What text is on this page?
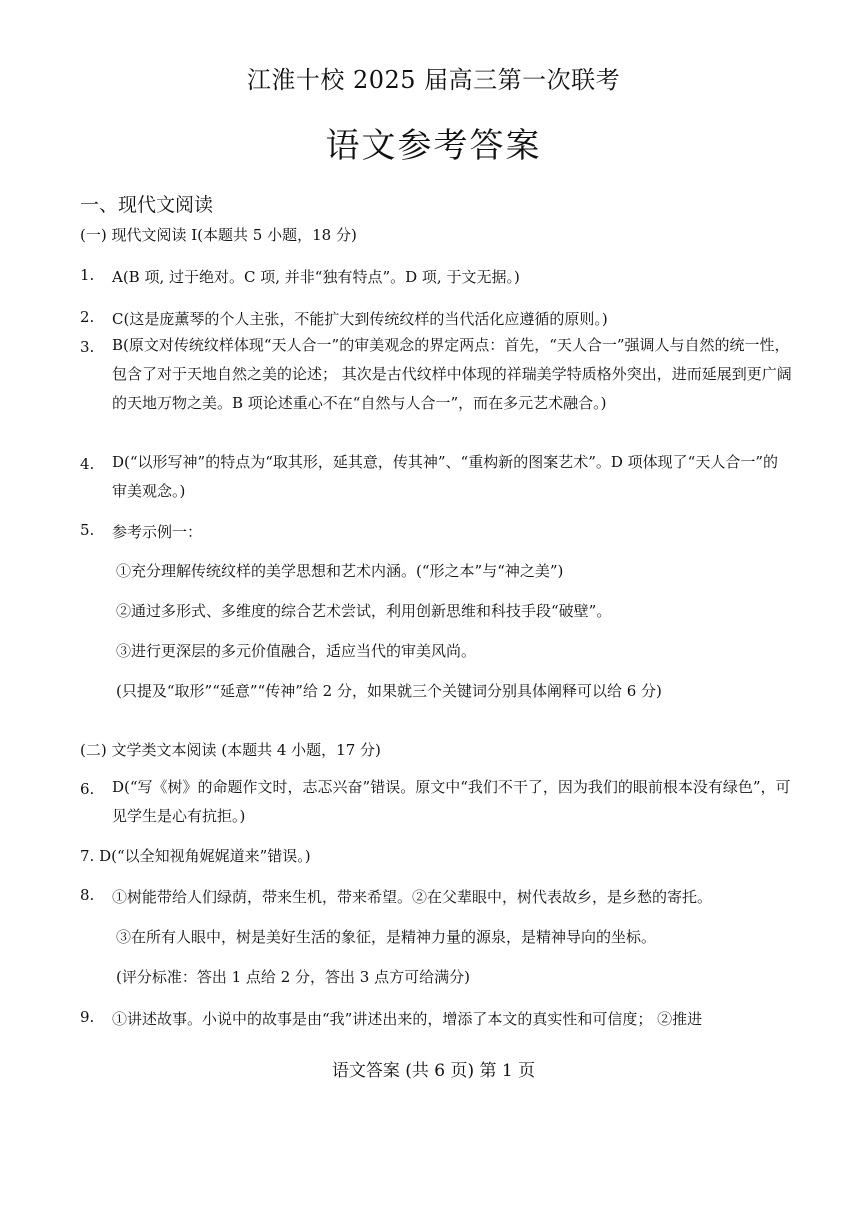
江淮十校 2025 届高三第一次联考
语文参考答案
一、现代文阅读
(一) 现代文阅读 I(本题共 5 小题，18 分)
1. A(B 项, 过于绝对。C 项, 并非“独有特点”。D 项, 于文无据。)
2. C(这是庞薰琴的个人主张，不能扩大到传统纹样的当代活化应遵循的原则。)
3. B(原文对传统纹样体现“天人合一”的审美观念的界定两点：首先，“天人合一”强调人与自然的统一性，包含了对于天地自然之美的论述； 其次是古代纹样中体现的祥瑞美学特质格外突出，进而延展到更广阔的天地万物之美。B 项论述重心不在“自然与人合一”，而在多元艺术融合。)
4. D(“以形写神”的特点为“取其形，延其意，传其神”、“重构新的图案艺术”。D 项体现了“天人合一”的审美观念。)
5. 参考示例一：
①充分理解传统纹样的美学思想和艺术内涵。(“形之本”与“神之美”)
②通过多形式、多维度的综合艺术尝试，利用创新思维和科技手段“破壁”。
③进行更深层的多元价值融合，适应当代的审美风尚。
(只提及“取形”“延意”“传神”给 2 分，如果就三个关键词分别具体阐释可以给 6 分)
(二) 文学类文本阅读 (本题共 4 小题，17 分)
6. D(“写《树》的命题作文时，志忑兴奋”错误。原文中“我们不干了，因为我们的眼前根本没有绿色”，可见学生是心有抗拒。)
7. D(“以全知视角娓娓道来”错误。)
8. ①树能带给人们绿荫，带来生机，带来希望。②在父辈眼中，树代表故乡，是乡愁的寄托。
③在所有人眼中，树是美好生活的象征，是精神力量的源泉，是精神导向的坐标。
(评分标准：答出 1 点给 2 分，答出 3 点方可给满分)
9. ①讲述故事。小说中的故事是由“我”讲述出来的，增添了本文的真实性和可信度； ②推进
语文答案 (共 6 页) 第 1 页
